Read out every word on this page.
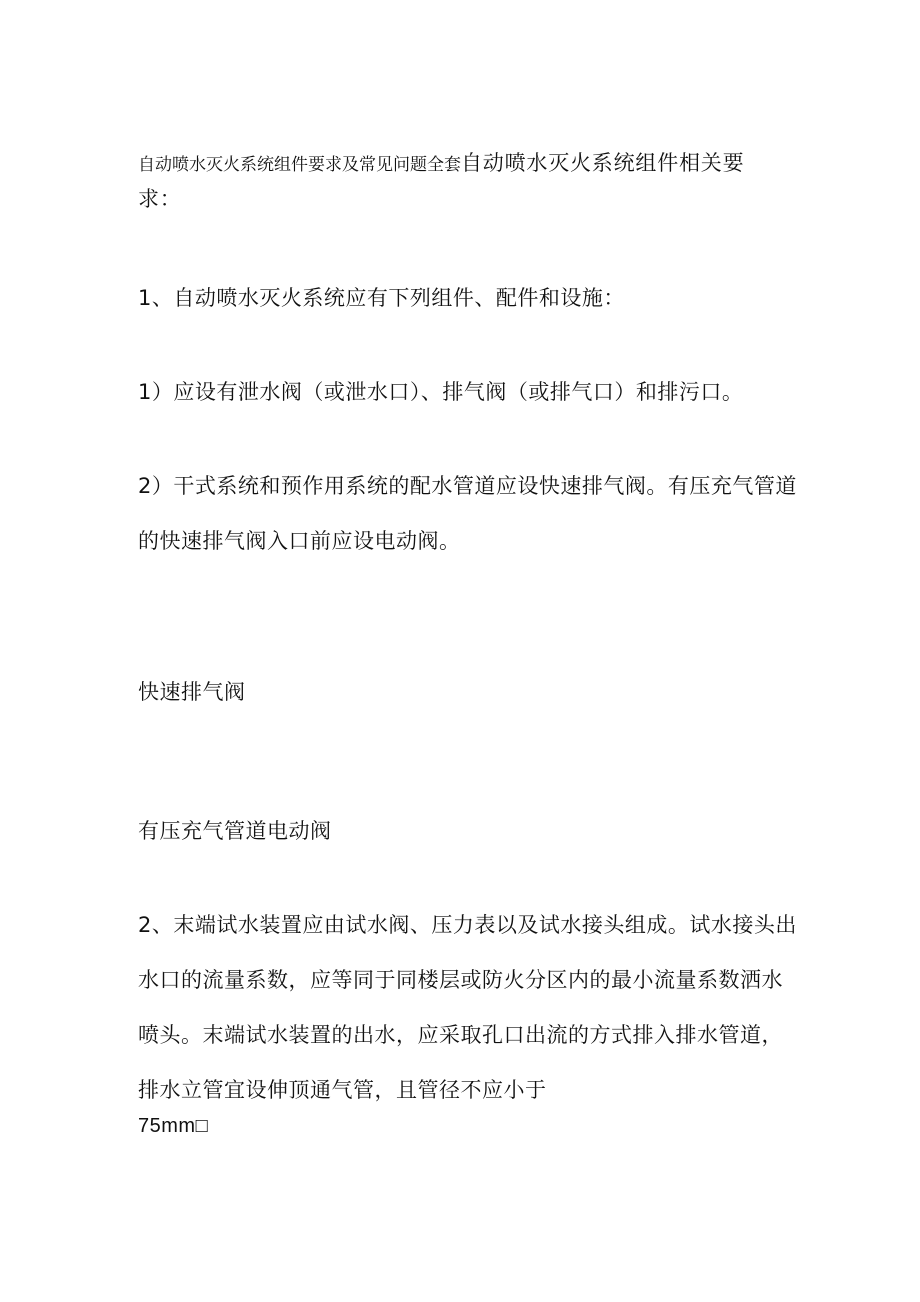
自动喷水灭火系统组件要求及常见问题全套自动喷水灭火系统组件相关要

求：

1、自动喷水灭火系统应有下列组件、配件和设施：

1）应设有泄水阀（或泄水口）、排气阀（或排气口）和排污口。

2）干式系统和预作用系统的配水管道应设快速排气阀。有压充气管道的快速排气阀入口前应设电动阀。

快速排气阀

有压充气管道电动阀

2、末端试水装置应由试水阀、压力表以及试水接头组成。试水接头出水口的流量系数，应等同于同楼层或防火分区内的最小流量系数洒水喷头。末端试水装置的出水，应采取孔口出流的方式排入排水管道，排水立管宜设伸顶通气管，且管径不应小于

75mm□
